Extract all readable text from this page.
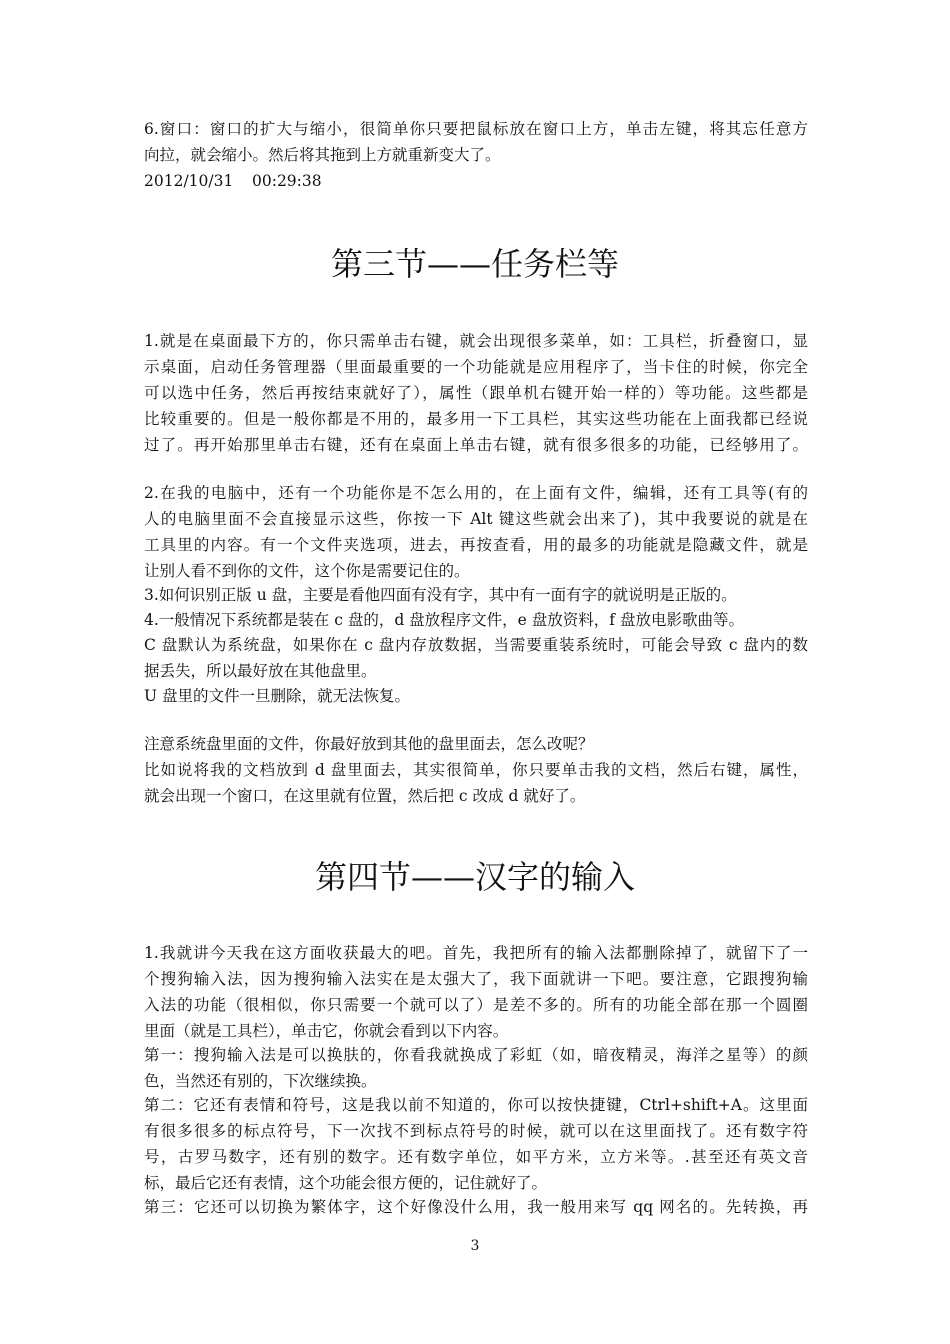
6.窗口：窗口的扩大与缩小，很简单你只要把鼠标放在窗口上方，单击左键，将其忘任意方
向拉，就会缩小。然后将其拖到上方就重新变大了。
2012/10/31 00:29:38
第三节——任务栏等
1.就是在桌面最下方的，你只需单击右键，就会出现很多菜单，如：工具栏，折叠窗口，显
示桌面，启动任务管理器（里面最重要的一个功能就是应用程序了，当卡住的时候，你完全
可以选中任务，然后再按结束就好了），属性（跟单机右键开始一样的）等功能。这些都是
比较重要的。但是一般你都是不用的，最多用一下工具栏，其实这些功能在上面我都已经说
过了。再开始那里单击右键，还有在桌面上单击右键，就有很多很多的功能，已经够用了。
2.在我的电脑中，还有一个功能你是不怎么用的，在上面有文件，编辑，还有工具等(有的
人的电脑里面不会直接显示这些，你按一下 Alt 键这些就会出来了)，其中我要说的就是在
工具里的内容。有一个文件夹选项，进去，再按查看，用的最多的功能就是隐藏文件，就是
让别人看不到你的文件，这个你是需要记住的。
3.如何识别正版 u 盘，主要是看他四面有没有字，其中有一面有字的就说明是正版的。
4.一般情况下系统都是装在 c 盘的，d 盘放程序文件，e 盘放资料，f 盘放电影歌曲等。
C 盘默认为系统盘，如果你在 c 盘内存放数据，当需要重装系统时，可能会导致 c 盘内的数
据丢失，所以最好放在其他盘里。
U 盘里的文件一旦删除，就无法恢复。
注意系统盘里面的文件，你最好放到其他的盘里面去，怎么改呢？
比如说将我的文档放到 d 盘里面去，其实很简单，你只要单击我的文档，然后右键，属性，
就会出现一个窗口，在这里就有位置，然后把 c 改成 d 就好了。
第四节——汉字的输入
1.我就讲今天我在这方面收获最大的吧。首先，我把所有的输入法都删除掉了，就留下了一
个搜狗输入法，因为搜狗输入法实在是太强大了，我下面就讲一下吧。要注意，它跟搜狗输
入法的功能（很相似，你只需要一个就可以了）是差不多的。所有的功能全部在那一个圆圈
里面（就是工具栏），单击它，你就会看到以下内容。
第一：搜狗输入法是可以换肤的，你看我就换成了彩虹（如，暗夜精灵，海洋之星等）的颜
色，当然还有别的，下次继续换。
第二：它还有表情和符号，这是我以前不知道的，你可以按快捷键，Ctrl+shift+A。这里面
有很多很多的标点符号，下一次找不到标点符号的时候，就可以在这里面找了。还有数字符
号，古罗马数字，还有别的数字。还有数字单位，如平方米，立方米等。.甚至还有英文音
标，最后它还有表情，这个功能会很方便的，记住就好了。
第三：它还可以切换为繁体字，这个好像没什么用，我一般用来写 qq 网名的。先转换，再
3
